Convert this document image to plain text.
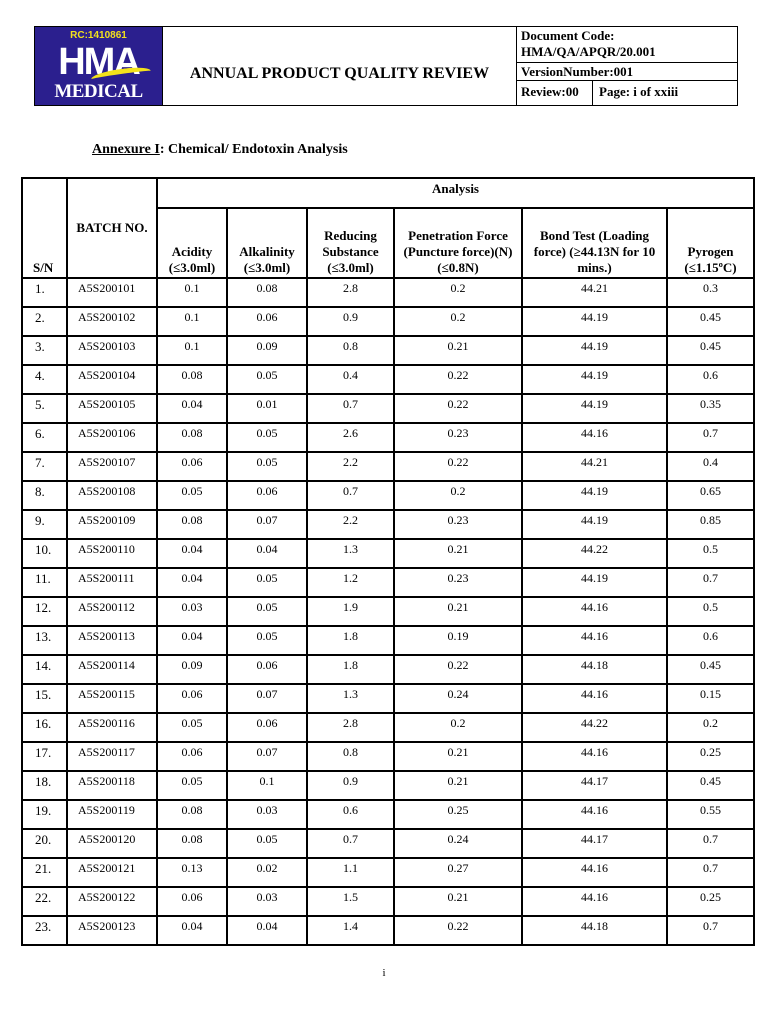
RC:1410861
HMA
MEDICAL LTD.
ANNUAL PRODUCT QUALITY REVIEW
Document Code:
HMA/QA/APQR/20.001
VersionNumber:001
Review:00	Page: i of xxiii
Annexure I: Chemical/ Endotoxin Analysis
S/N	BATCH NO.	Analysis					
		Acidity (≤3.0ml)	Alkalinity (≤3.0ml)	Reducing Substance (≤3.0ml)	Penetration Force (Puncture force)(N)(≤0.8N)	Bond Test (Loading force) (≥44.13N for 10 mins.)	Pyrogen (≤1.15ºC)
1.	A5S200101	0.1	0.08	2.8	0.2	44.21	0.3
2.	A5S200102	0.1	0.06	0.9	0.2	44.19	0.45
3.	A5S200103	0.1	0.09	0.8	0.21	44.19	0.45
4.	A5S200104	0.08	0.05	0.4	0.22	44.19	0.6
5.	A5S200105	0.04	0.01	0.7	0.22	44.19	0.35
6.	A5S200106	0.08	0.05	2.6	0.23	44.16	0.7
7.	A5S200107	0.06	0.05	2.2	0.22	44.21	0.4
8.	A5S200108	0.05	0.06	0.7	0.2	44.19	0.65
9.	A5S200109	0.08	0.07	2.2	0.23	44.19	0.85
10.	A5S200110	0.04	0.04	1.3	0.21	44.22	0.5
11.	A5S200111	0.04	0.05	1.2	0.23	44.19	0.7
12.	A5S200112	0.03	0.05	1.9	0.21	44.16	0.5
13.	A5S200113	0.04	0.05	1.8	0.19	44.16	0.6
14.	A5S200114	0.09	0.06	1.8	0.22	44.18	0.45
15.	A5S200115	0.06	0.07	1.3	0.24	44.16	0.15
16.	A5S200116	0.05	0.06	2.8	0.2	44.22	0.2
17.	A5S200117	0.06	0.07	0.8	0.21	44.16	0.25
18.	A5S200118	0.05	0.1	0.9	0.21	44.17	0.45
19.	A5S200119	0.08	0.03	0.6	0.25	44.16	0.55
20.	A5S200120	0.08	0.05	0.7	0.24	44.17	0.7
21.	A5S200121	0.13	0.02	1.1	0.27	44.16	0.7
22.	A5S200122	0.06	0.03	1.5	0.21	44.16	0.25
23.	A5S200123	0.04	0.04	1.4	0.22	44.18	0.7
i
